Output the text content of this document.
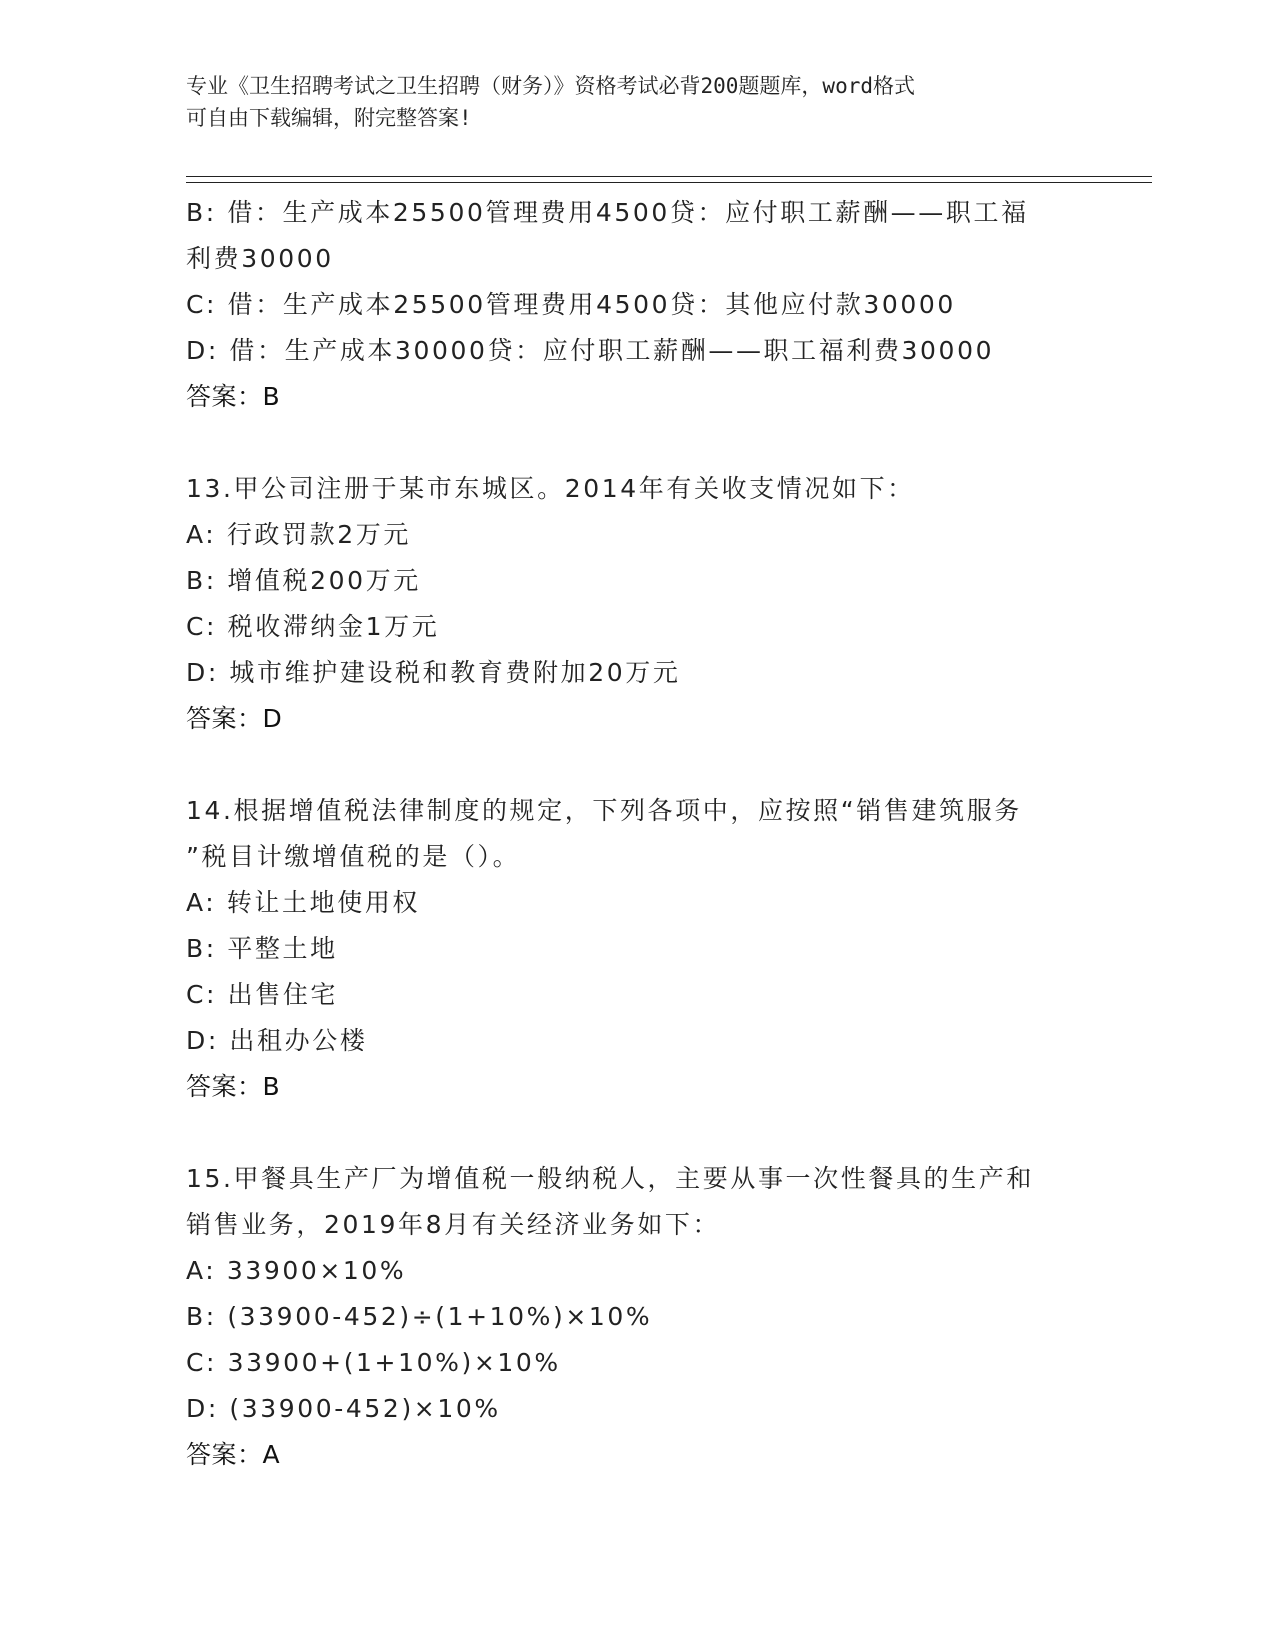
专业《卫生招聘考试之卫生招聘（财务）》资格考试必背200题题库，word格式
可自由下载编辑，附完整答案!
B: 借：生产成本25500管理费用4500贷：应付职工薪酬——职工福
利费30000
C: 借：生产成本25500管理费用4500贷：其他应付款30000
D: 借：生产成本30000贷：应付职工薪酬——职工福利费30000
答案：B
13.甲公司注册于某市东城区。2014年有关收支情况如下：
A: 行政罚款2万元
B: 增值税200万元
C: 税收滞纳金1万元
D: 城市维护建设税和教育费附加20万元
答案：D
14.根据增值税法律制度的规定，下列各项中，应按照“销售建筑服务
”税目计缴增值税的是（）。
A: 转让土地使用权
B: 平整土地
C: 出售住宅
D: 出租办公楼
答案：B
15.甲餐具生产厂为增值税一般纳税人，主要从事一次性餐具的生产和
销售业务，2019年8月有关经济业务如下：
A: 33900×10%
B: (33900-452)÷(1+10%)×10%
C: 33900+(1+10%)×10%
D: (33900-452)×10%
答案：A
